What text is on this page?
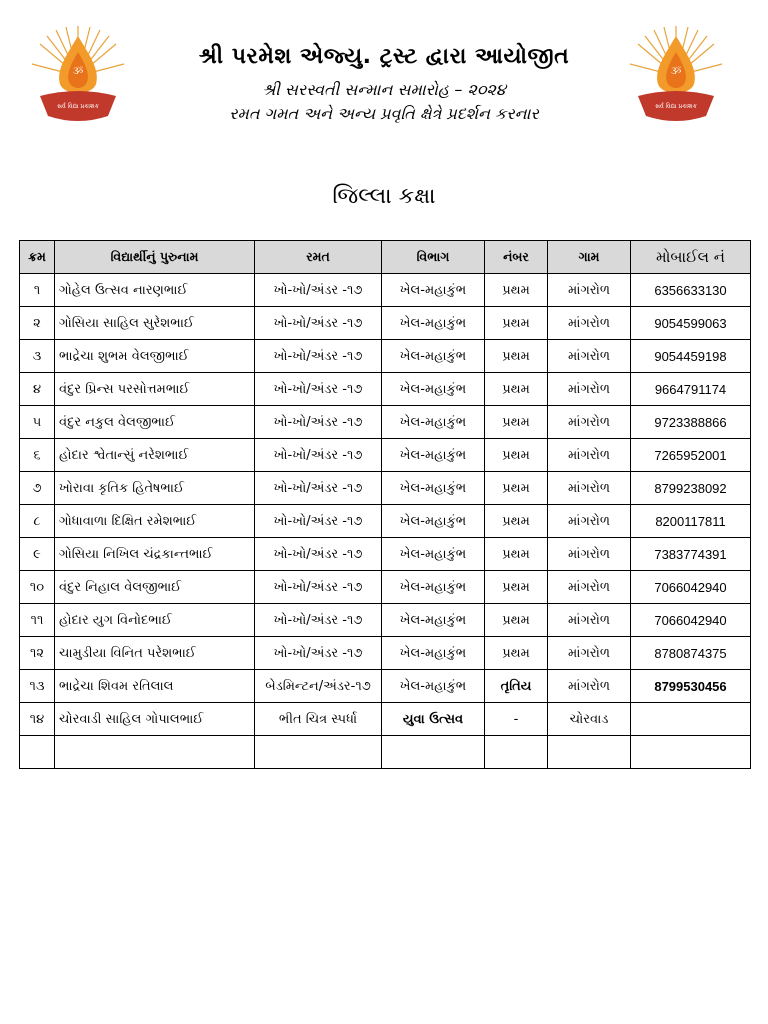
ૐ
સર્વ વિદ્યા પ્રકાશક
શ્રી પરમેશ એજ્યુ. ટ્રસ્ટ દ્વારા આયોજીત
શ્રી સરસ્વતી સન્માન સમારોહ – ૨૦૨૪
રમત ગમત અને અન્ય પ્રવૃતિ ક્ષેત્રે પ્રદર્શન કરનાર
ૐ
સર્વ વિદ્યા પ્રકાશક
જિલ્લા કક્ષા
ક્રમ	વિદ્યાર્થીનું પુરુનામ	રમત	વિભાગ	નંબર	ગામ	મોબાઈલ નં
૧	ગોહેલ ઉત્સવ નારણભાઈ	ખો-ખો/અંડર -૧૭	ખેલ-મહાકુંભ	પ્રથમ	માંગરોળ	6356633130
૨	ગોસિયા સાહિલ સુરેશભાઈ	ખો-ખો/અંડર -૧૭	ખેલ-મહાકુંભ	પ્રથમ	માંગરોળ	9054599063
૩	ભાદ્રેચા શુભમ વેલજીભાઈ	ખો-ખો/અંડર -૧૭	ખેલ-મહાકુંભ	પ્રથમ	માંગરોળ	9054459198
૪	વંદુર પ્રિન્સ પરસોત્તમભાઈ	ખો-ખો/અંડર -૧૭	ખેલ-મહાકુંભ	પ્રથમ	માંગરોળ	9664791174
૫	વંદુર નકુલ વેલજીભાઈ	ખો-ખો/અંડર -૧૭	ખેલ-મહાકુંભ	પ્રથમ	માંગરોળ	9723388866
૬	હોદાર શ્વેતાન્સું નરેશભાઈ	ખો-ખો/અંડર -૧૭	ખેલ-મહાકુંભ	પ્રથમ	માંગરોળ	7265952001
૭	ખોરાવા કૃતિક હિતેષભાઈ	ખો-ખો/અંડર -૧૭	ખેલ-મહાકુંભ	પ્રથમ	માંગરોળ	8799238092
૮	ગોધાવાળા દિક્ષિત રમેશભાઈ	ખો-ખો/અંડર -૧૭	ખેલ-મહાકુંભ	પ્રથમ	માંગરોળ	8200117811
૯	ગોસિયા નિખિલ ચંદ્રકાન્તભાઈ	ખો-ખો/અંડર -૧૭	ખેલ-મહાકુંભ	પ્રથમ	માંગરોળ	7383774391
૧૦	વંદુર નિહાલ વેલજીભાઈ	ખો-ખો/અંડર -૧૭	ખેલ-મહાકુંભ	પ્રથમ	માંગરોળ	7066042940
૧૧	હોદાર યુગ વિનોદભાઈ	ખો-ખો/અંડર -૧૭	ખેલ-મહાકુંભ	પ્રથમ	માંગરોળ	7066042940
૧૨	ચામુડીયા વિનિત પરેશભાઈ	ખો-ખો/અંડર -૧૭	ખેલ-મહાકુંભ	પ્રથમ	માંગરોળ	8780874375
૧૩	ભાદ્રેચા શિવમ રતિલાલ	બેડમિન્ટન/અંડર-૧૭	ખેલ-મહાકુંભ	તૃતિય	માંગરોળ	8799530456
૧૪	ચોરવાડી સાહિલ ગોપાલભાઈ	ભીત ચિત્ર સ્પર્ધા	યુવા ઉત્સવ	-	ચોરવાડ	
